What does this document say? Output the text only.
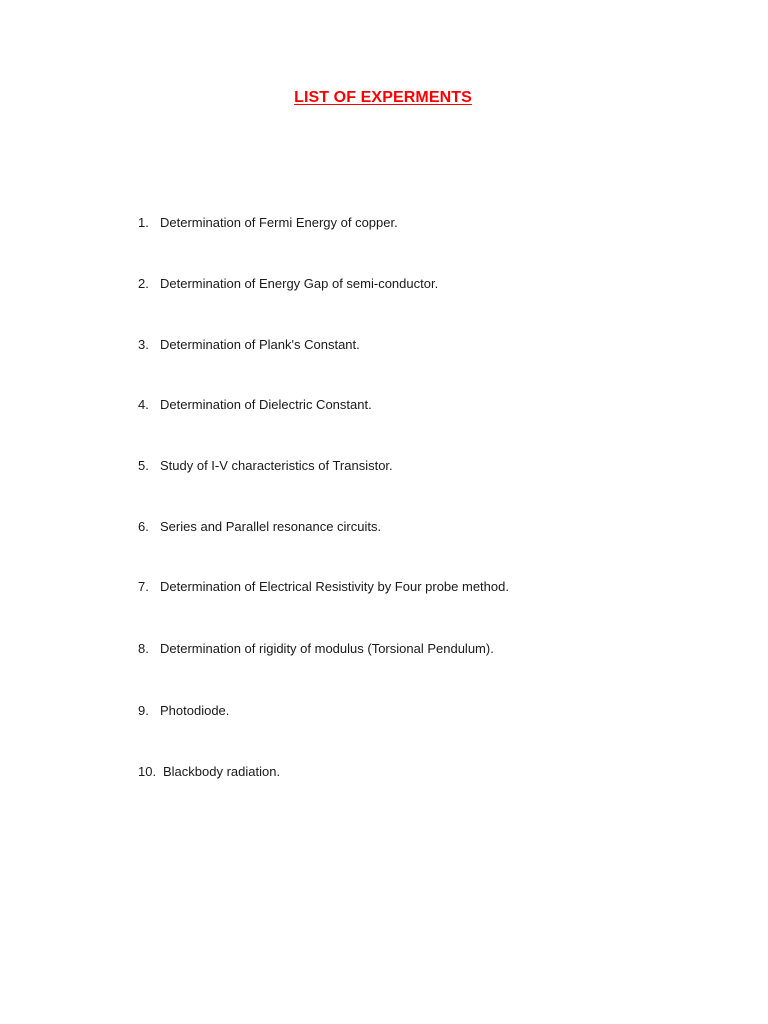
LIST OF EXPERMENTS
1. Determination of Fermi Energy of copper.
2. Determination of Energy Gap of semi-conductor.
3. Determination of Plank's Constant.
4. Determination of Dielectric Constant.
5. Study of I-V characteristics of Transistor.
6. Series and Parallel resonance circuits.
7. Determination of Electrical Resistivity by Four probe method.
8. Determination of rigidity of modulus (Torsional Pendulum).
9. Photodiode.
10. Blackbody radiation.
